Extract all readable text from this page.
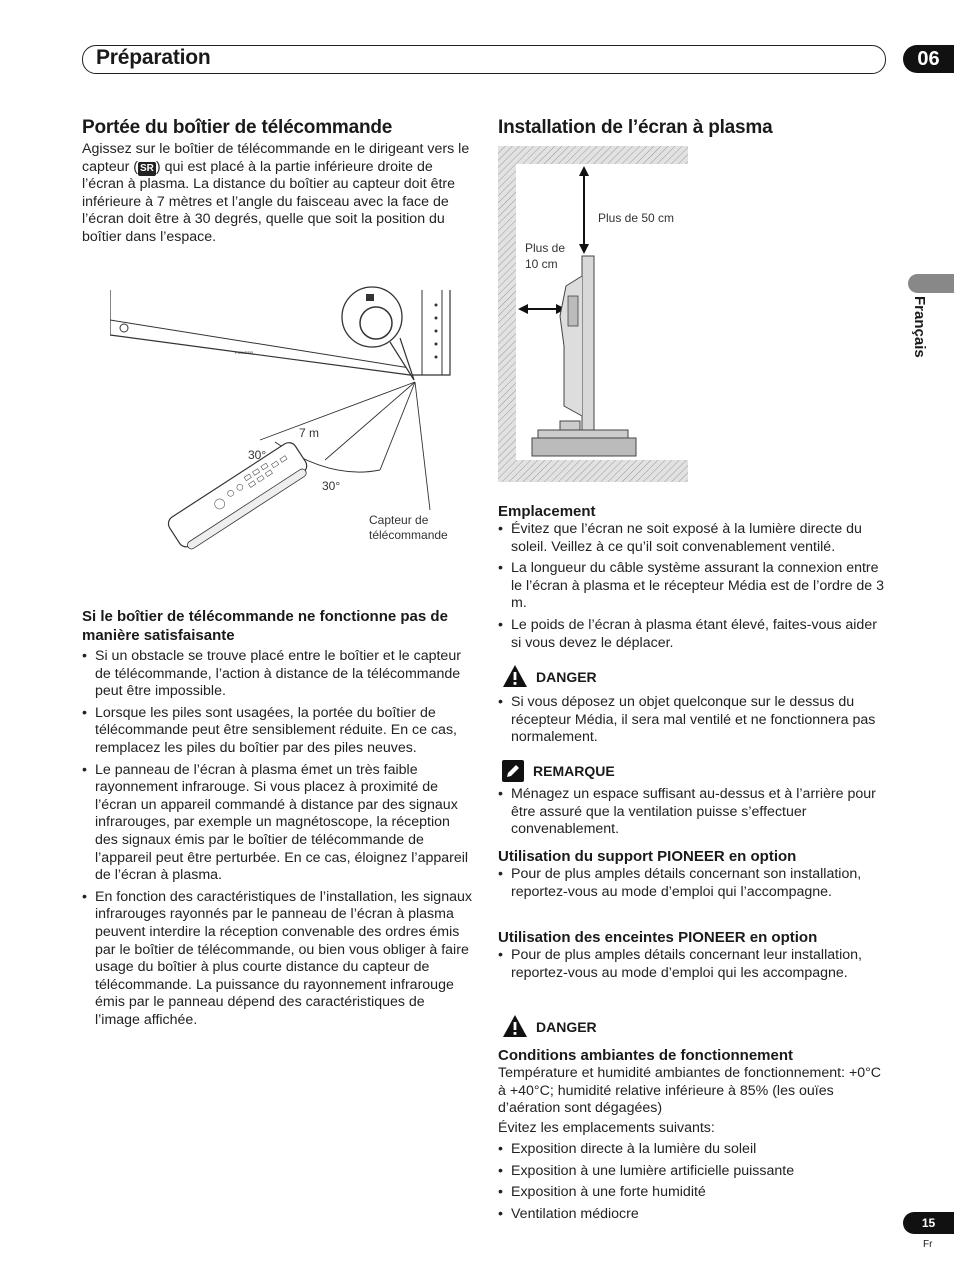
Préparation	06
Français
Portée du boîtier de télécommande
Agissez sur le boîtier de télécommande en le dirigeant vers le capteur ( SR ) qui est placé à la partie inférieure droite de l’écran à plasma. La distance du boîtier au capteur doit être inférieure à 7 mètres et l’angle du faisceau avec la face de l’écran doit être à 30 degrés, quelle que soit la position du boîtier dans l’espace.
PIONEER
7 m
30°
30°
Capteur de télécommande
Si le boîtier de télécommande ne fonctionne pas de manière satisfaisante
• Si un obstacle se trouve placé entre le boîtier et le capteur de télécommande, l’action à distance de la télécommande peut être impossible.
• Lorsque les piles sont usagées, la portée du boîtier de télécommande peut être sensiblement réduite. En ce cas, remplacez les piles du boîtier par des piles neuves.
• Le panneau de l’écran à plasma émet un très faible rayonnement infrarouge. Si vous placez à proximité de l’écran un appareil commandé à distance par des signaux infrarouges, par exemple un magnétoscope, la réception des signaux émis par le boîtier de télécommande de l’appareil peut être perturbée. En ce cas, éloignez l’appareil de l’écran à plasma.
• En fonction des caractéristiques de l’installation, les signaux infrarouges rayonnés par le panneau de l’écran à plasma peuvent interdire la réception convenable des ordres émis par le boîtier de télécommande, ou bien vous obliger à faire usage du boîtier à plus courte distance du capteur de télécommande. La puissance du rayonnement infrarouge émis par le panneau dépend des caractéristiques de l’image affichée.
Installation de l’écran à plasma
Plus de 50 cm
Plus de
10 cm
Emplacement
• Évitez que l’écran ne soit exposé à la lumière directe du soleil. Veillez à ce qu’il soit convenablement ventilé.
• La longueur du câble système assurant la connexion entre le l’écran à plasma et le récepteur Média est de l’ordre de 3 m.
• Le poids de l’écran à plasma étant élevé, faites-vous aider si vous devez le déplacer.
DANGER
• Si vous déposez un objet quelconque sur le dessus du récepteur Média, il sera mal ventilé et ne fonctionnera pas normalement.
REMARQUE
• Ménagez un espace suffisant au-dessus et à l’arrière pour être assuré que la ventilation puisse s’effectuer convenablement.
Utilisation du support PIONEER en option
• Pour de plus amples détails concernant son installation, reportez-vous au mode d’emploi qui l’accompagne.
Utilisation des enceintes PIONEER en option
• Pour de plus amples détails concernant leur installation, reportez-vous au mode d’emploi qui les accompagne.
DANGER
Conditions ambiantes de fonctionnement
Température et humidité ambiantes de fonctionnement: +0°C à +40°C; humidité relative inférieure à 85% (les ouïes d’aération sont dégagées)
Évitez les emplacements suivants:
• Exposition directe à la lumière du soleil
• Exposition à une lumière artificielle puissante
• Exposition à une forte humidité
• Ventilation médiocre
15
Fr
